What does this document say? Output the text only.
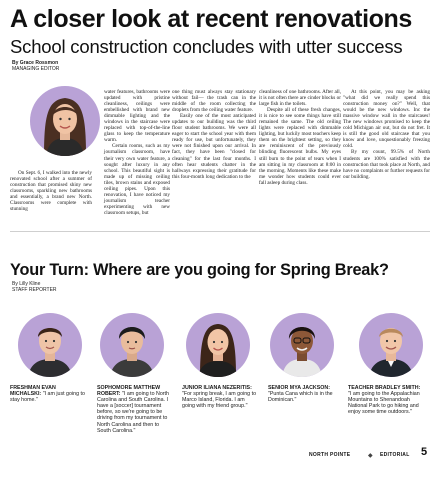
A closer look at recent renovations
School construction concludes with utter success
By Grace Rossmon
MANAGING EDITOR
On Sept. 6, I walked into the newly renovated school after a summer of construction that promised shiny new classrooms, sparkling new bathrooms and essentially, a brand new North. Classrooms were complete with stunning

water features, bathrooms were updated with pristine cleanliness, ceilings were embellished with brand new dimmable lighting and the windows in the staircase were replaced with top-of-the-line glass to keep the temperature warm.

Certain rooms, such as my journalism classroom, have their very own water feature, a sought after luxury in any school. This beautiful sight is made up of missing ceiling tiles, brown stains and exposed ceiling pipes. Upon this renovation, I have noticed my journalism teacher experimenting with new classroom setups, but

one thing must always stay stationary without fail— the trash can in the middle of the room collecting the droplets from the ceiling water feature.

Easily one of the most anticipated updates to our building was the third floor student bathrooms. We were all eager to start the school year with them ready for use, but unfortunately, they were not finished upon our arrival. In fact, they have been "closed for cleaning" for the last four months. I often hear students chatter in the hallways expressing their gratitude for this four-month long dedication to the

cleanliness of one bathrooms. After all, it is not often there are cinder blocks or large fish in the toilets.

Despite all of these fresh changes, it is nice to see some things have still remained the same. The old ceiling lights were replaced with dimmable lighting, but luckily most teachers keep them on the brightest setting, so they are reminiscent of the previously blinding fluorescent bulbs. My eyes still burn to the point of tears when I am sitting in my classroom at 8:00 in the morning. Moments like these make me wonder how students could ever fall asleep during class.

At this point, you may be asking "what did we really spend this construction money on?" Well, that would be the new windows. Inc the massive window wall in the staircases! The new windows promised to keep the cold Michigan air out, but do not fret. It is still the good old staircase that you know and love, unquestionably freezing cold.

By my count, 99.5% of North students are 100% satisfied with the construction that took place at North, and have no complaints or further requests for our building.

Your Turn: Where are you going for Spring Break?
By Lilly Kline
STAFF REPORTER
FRESHMAN EVAN MICHALSKI: "I am just going to stay home."
SOPHOMORE MATTHEW ROBERT: "I am going to North Carolina and South Carolina. I have a [soccer] tournament before, so we're going to be driving from my tournament to North Carolina and then to South Carolina."
JUNIOR ILIANA NEZERITIS: "For spring break, I am going to Marco Island, Florida. I am going with my friend group."
SENIOR MYA JACKSON: "Punta Cana which is in the Dominican."
TEACHER BRADLEY SMITH: "I am going to the Appalachian Mountains to Shenandoah National Park to go hiking and enjoy some time outdoors."
NORTH POINTE	◆ EDITORIAL 5
